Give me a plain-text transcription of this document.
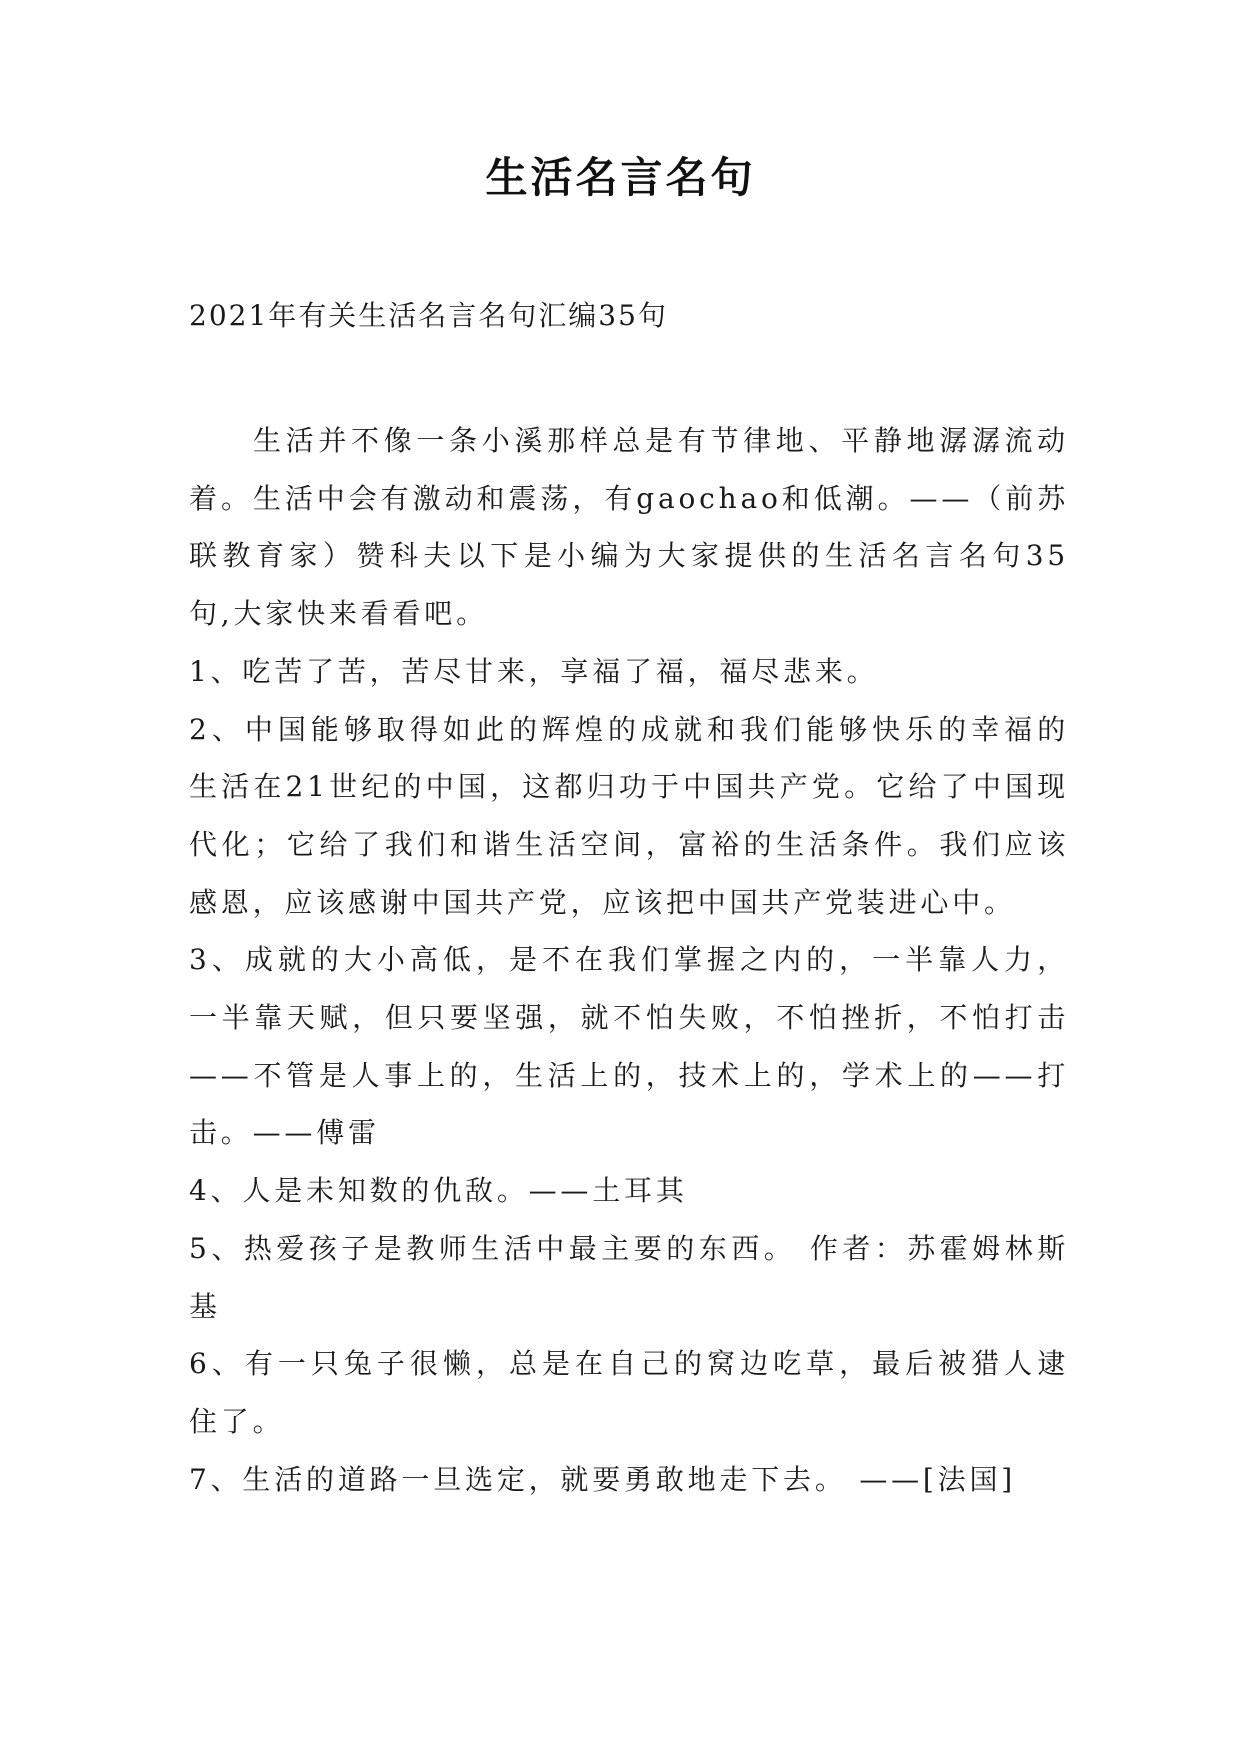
生活名言名句
2021年有关生活名言名句汇编35句

生活并不像一条小溪那样总是有节律地、平静地潺潺流动着。生活中会有激动和震荡，有gaochao和低潮。——（前苏联教育家）赞科夫以下是小编为大家提供的生活名言名句35句,大家快来看看吧。

1、吃苦了苦，苦尽甘来，享福了福，福尽悲来。

2、中国能够取得如此的辉煌的成就和我们能够快乐的幸福的生活在21世纪的中国，这都归功于中国共产党。它给了中国现代化；它给了我们和谐生活空间，富裕的生活条件。我们应该感恩，应该感谢中国共产党，应该把中国共产党装进心中。

3、成就的大小高低，是不在我们掌握之内的，一半靠人力，一半靠天赋，但只要坚强，就不怕失败，不怕挫折，不怕打击——不管是人事上的，生活上的，技术上的，学术上的——打击。——傅雷

4、人是未知数的仇敌。——土耳其

5、热爱孩子是教师生活中最主要的东西。 作者：苏霍姆林斯基

6、有一只兔子很懒，总是在自己的窝边吃草，最后被猎人逮住了。

7、生活的道路一旦选定，就要勇敢地走下去。 ——[法国]
